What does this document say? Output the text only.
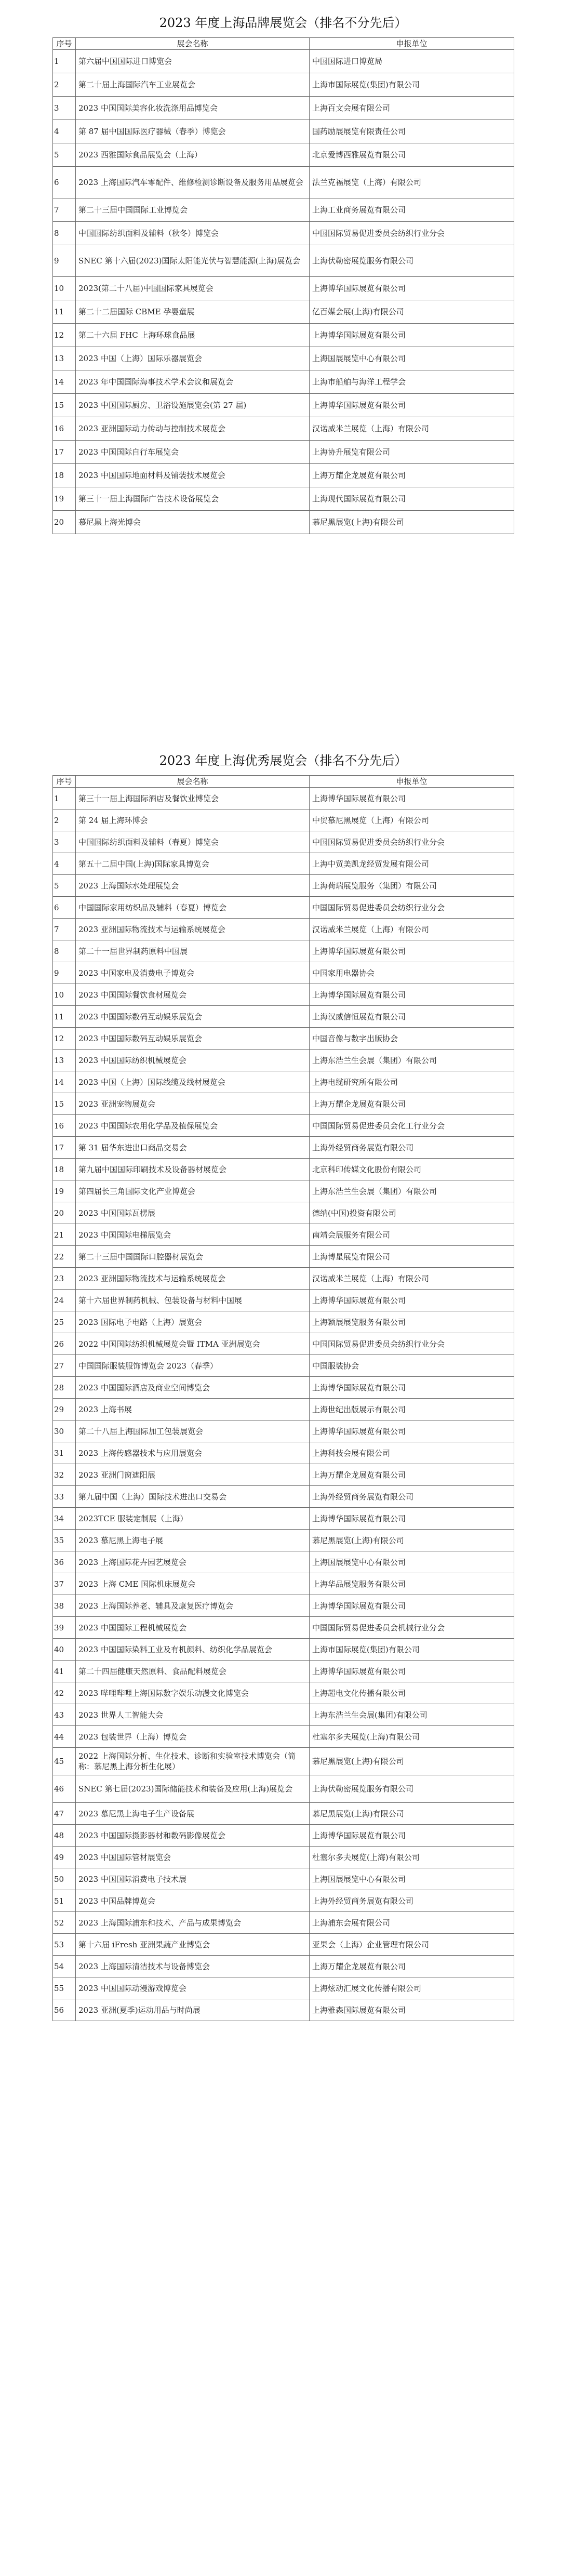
2023 年度上海品牌展览会（排名不分先后）
序号	展会名称	申报单位
1	第六届中国国际进口博览会	中国国际进口博览局
2	第二十届上海国际汽车工业展览会	上海市国际展览(集团)有限公司
3	2023 中国国际美容化妆洗涤用品博览会	上海百文会展有限公司
4	第 87 届中国国际医疗器械（春季）博览会	国药励展展览有限责任公司
5	2023 西雅国际食品展览会（上海）	北京爱博西雅展览有限公司
6	2023 上海国际汽车零配件、维修检测诊断设备及服务用品展览会	法兰克福展览（上海）有限公司
7	第二十三届中国国际工业博览会	上海工业商务展览有限公司
8	中国国际纺织面料及辅料（秋冬）博览会	中国国际贸易促进委员会纺织行业分会
9	SNEC 第十六届(2023)国际太阳能光伏与智慧能源(上海)展览会	上海伏勒密展览服务有限公司
10	2023(第二十八届)中国国际家具展览会	上海博华国际展览有限公司
11	第二十二届国际 CBME 孕婴童展	亿百媒会展(上海)有限公司
12	第二十六届 FHC 上海环球食品展	上海博华国际展览有限公司
13	2023 中国（上海）国际乐器展览会	上海国展展览中心有限公司
14	2023 年中国国际海事技术学术会议和展览会	上海市船舶与海洋工程学会
15	2023 中国国际厨房、卫浴设施展览会(第 27 届)	上海博华国际展览有限公司
16	2023 亚洲国际动力传动与控制技术展览会	汉诺威米兰展览（上海）有限公司
17	2023 中国国际自行车展览会	上海协升展览有限公司
18	2023 中国国际地面材料及铺装技术展览会	上海万耀企龙展览有限公司
19	第三十一届上海国际广告技术设备展览会	上海现代国际展览有限公司
20	慕尼黑上海光博会	慕尼黑展览(上海)有限公司
2023 年度上海优秀展览会（排名不分先后）
序号	展会名称	申报单位
1	第三十一届上海国际酒店及餐饮业博览会	上海博华国际展览有限公司
2	第 24 届上海环博会	中贸慕尼黑展览（上海）有限公司
3	中国国际纺织面料及辅料（春夏）博览会	中国国际贸易促进委员会纺织行业分会
4	第五十二届中国(上海)国际家具博览会	上海中贸美凯龙经贸发展有限公司
5	2023 上海国际水处理展览会	上海荷瑞展览服务（集团）有限公司
6	中国国际家用纺织品及辅料（春夏）博览会	中国国际贸易促进委员会纺织行业分会
7	2023 亚洲国际物流技术与运输系统展览会	汉诺威米兰展览（上海）有限公司
8	第二十一届世界制药原料中国展	上海博华国际展览有限公司
9	2023 中国家电及消费电子博览会	中国家用电器协会
10	2023 中国国际餐饮食材展览会	上海博华国际展览有限公司
11	2023 中国国际数码互动娱乐展览会	上海汉威信恒展览有限公司
12	2023 中国国际数码互动娱乐展览会	中国音像与数字出版协会
13	2023 中国国际纺织机械展览会	上海东浩兰生会展（集团）有限公司
14	2023 中国（上海）国际线缆及线材展览会	上海电缆研究所有限公司
15	2023 亚洲宠物展览会	上海万耀企龙展览有限公司
16	2023 中国国际农用化学品及植保展览会	中国国际贸易促进委员会化工行业分会
17	第 31 届华东进出口商品交易会	上海外经贸商务展览有限公司
18	第九届中国国际印刷技术及设备器材展览会	北京科印传媒文化股份有限公司
19	第四届长三角国际文化产业博览会	上海东浩兰生会展（集团）有限公司
20	2023 中国国际瓦楞展	德纳(中国)投资有限公司
21	2023 中国国际电梯展览会	南靖会展服务有限公司
22	第二十三届中国国际口腔器材展览会	上海博星展览有限公司
23	2023 亚洲国际物流技术与运输系统展览会	汉诺威米兰展览（上海）有限公司
24	第十六届世界制药机械、包装设备与材料中国展	上海博华国际展览有限公司
25	2023 国际电子电路（上海）展览会	上海颖展展览服务有限公司
26	2022 中国国际纺织机械展览会暨 ITMA 亚洲展览会	中国国际贸易促进委员会纺织行业分会
27	中国国际服装服饰博览会 2023（春季）	中国服装协会
28	2023 中国国际酒店及商业空间博览会	上海博华国际展览有限公司
29	2023 上海书展	上海世纪出版展示有限公司
30	第二十八届上海国际加工包装展览会	上海博华国际展览有限公司
31	2023 上海传感器技术与应用展览会	上海科技会展有限公司
32	2023 亚洲门窗遮阳展	上海万耀企龙展览有限公司
33	第九届中国（上海）国际技术进出口交易会	上海外经贸商务展览有限公司
34	2023TCE 服装定制展（上海）	上海博华国际展览有限公司
35	2023 慕尼黑上海电子展	慕尼黑展览(上海)有限公司
36	2023 上海国际花卉园艺展览会	上海国展展览中心有限公司
37	2023 上海 CME 国际机床展览会	上海华品展览服务有限公司
38	2023 上海国际养老、辅具及康复医疗博览会	上海博华国际展览有限公司
39	2023 中国国际工程机械展览会	中国国际贸易促进委员会机械行业分会
40	2023 中国国际染料工业及有机颜料、纺织化学品展览会	上海市国际展览(集团)有限公司
41	第二十四届健康天然原料、食品配料展览会	上海博华国际展览有限公司
42	2023 哔哩哔哩上海国际数字娱乐动漫文化博览会	上海超电文化传播有限公司
43	2023 世界人工智能大会	上海东浩兰生会展(集团)有限公司
44	2023 包装世界（上海）博览会	杜塞尔多夫展览(上海)有限公司
45	2022 上海国际分析、生化技术、诊断和实验室技术博览会（简称：慕尼黑上海分析生化展）	慕尼黑展览(上海)有限公司
46	SNEC 第七届(2023)国际储能技术和装备及应用(上海)展览会	上海伏勒密展览服务有限公司
47	2023 慕尼黑上海电子生产设备展	慕尼黑展览(上海)有限公司
48	2023 中国国际摄影器材和数码影像展览会	上海博华国际展览有限公司
49	2023 中国国际管材展览会	杜塞尔多夫展览(上海)有限公司
50	2023 中国国际消费电子技术展	上海国展展览中心有限公司
51	2023 中国品牌博览会	上海外经贸商务展览有限公司
52	2023 上海国际浦东和技术、产品与成果博览会	上海浦东会展有限公司
53	第十六届 iFresh 亚洲果蔬产业博览会	亚果会（上海）企业管理有限公司
54	2023 上海国际清洁技术与设备博览会	上海万耀企龙展览有限公司
55	2023 中国国际动漫游戏博览会	上海炫动汇展文化传播有限公司
56	2023 亚洲(夏季)运动用品与时尚展	上海雅森国际展览有限公司
